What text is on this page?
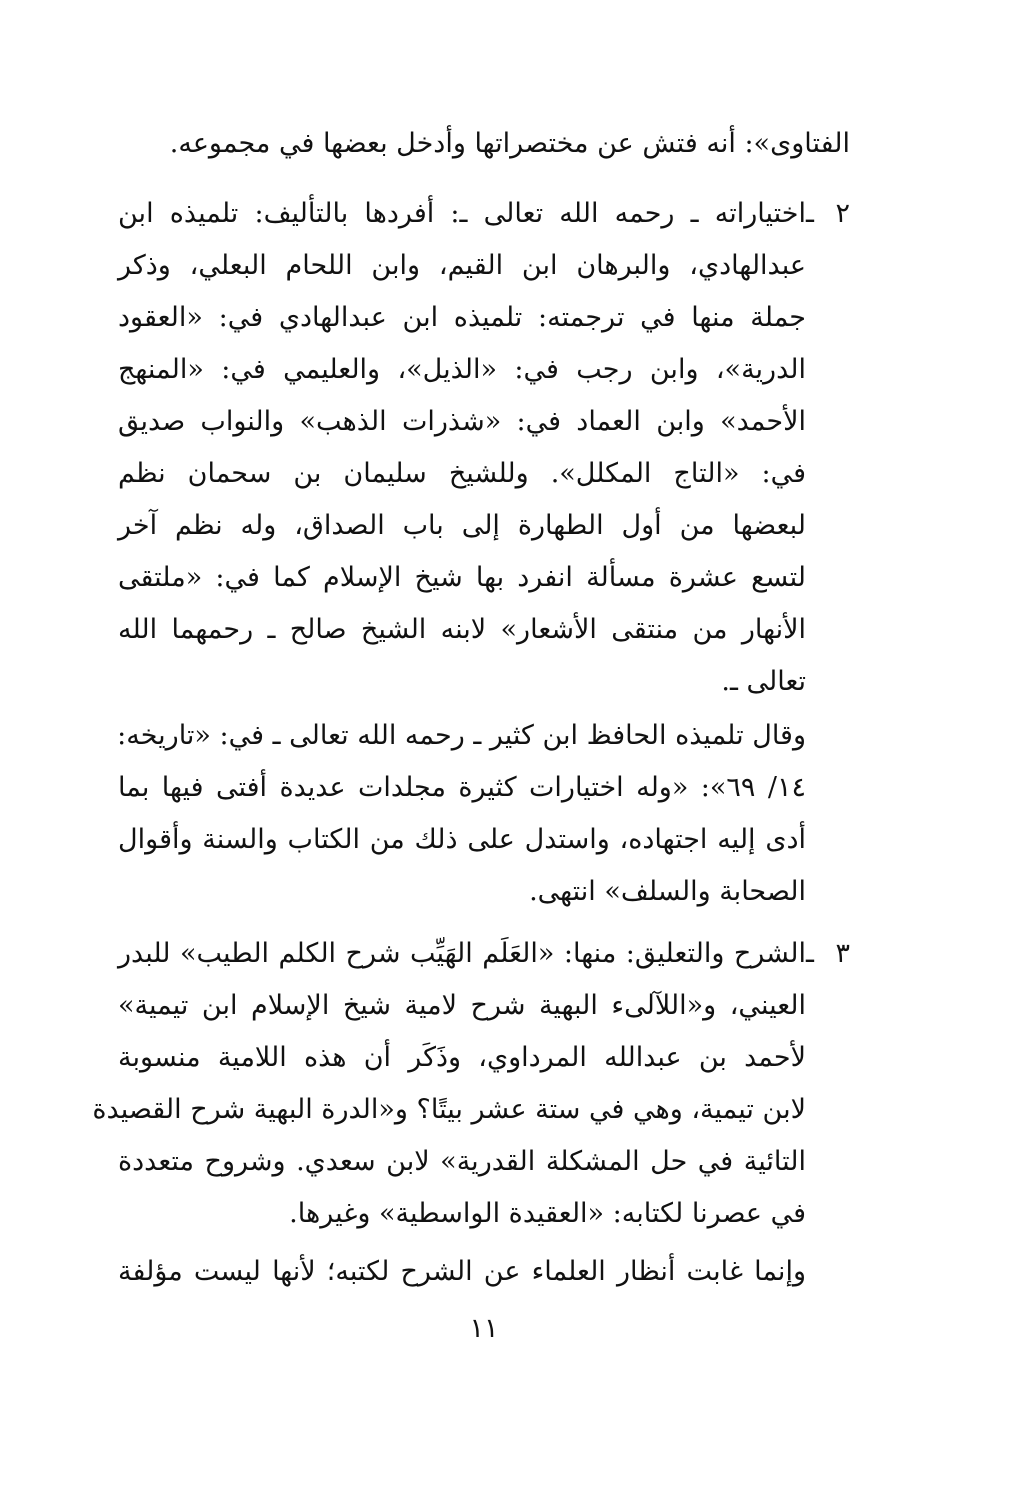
الفتاوى»: أنه فتش عن مختصراتها وأدخل بعضها في مجموعه.
٢ ـاختياراته ـ رحمه الله تعالى ـ: أفردها بالتأليف: تلميذه ابن
عبدالهادي، والبرهان ابن القيم، وابن اللحام البعلي، وذكر
جملة منها في ترجمته: تلميذه ابن عبدالهادي في: «العقود
الدرية»، وابن رجب في: «الذيل»، والعليمي في: «المنهج
الأحمد» وابن العماد في: «شذرات الذهب» والنواب صديق
في: «التاج المكلل». وللشيخ سليمان بن سحمان نظم
لبعضها من أول الطهارة إلى باب الصداق، وله نظم آخر
لتسع عشرة مسألة انفرد بها شيخ الإسلام كما في: «ملتقى
الأنهار من منتقى الأشعار» لابنه الشيخ صالح ـ رحمهما الله
تعالى ـ.
وقال تلميذه الحافظ ابن كثير ـ رحمه الله تعالى ـ في: «تاريخه:
١٤/ ٦٩»: «وله اختيارات كثيرة مجلدات عديدة أفتى فيها بما
أدى إليه اجتهاده، واستدل على ذلك من الكتاب والسنة وأقوال
الصحابة والسلف» انتهى.
٣ ـالشرح والتعليق: منها: «العَلَم الهَيِّب شرح الكلم الطيب» للبدر
العيني، و«اللآلىء البهية شرح لامية شيخ الإسلام ابن تيمية»
لأحمد بن عبدالله المرداوي، وذَكَر أن هذه اللامية منسوبة
لابن تيمية، وهي في ستة عشر بيتًا؟ و«الدرة البهية شرح القصيدة
التائية في حل المشكلة القدرية» لابن سعدي. وشروح متعددة
في عصرنا لكتابه: «العقيدة الواسطية» وغيرها.
وإنما غابت أنظار العلماء عن الشرح لكتبه؛ لأنها ليست مؤلفة
١١
